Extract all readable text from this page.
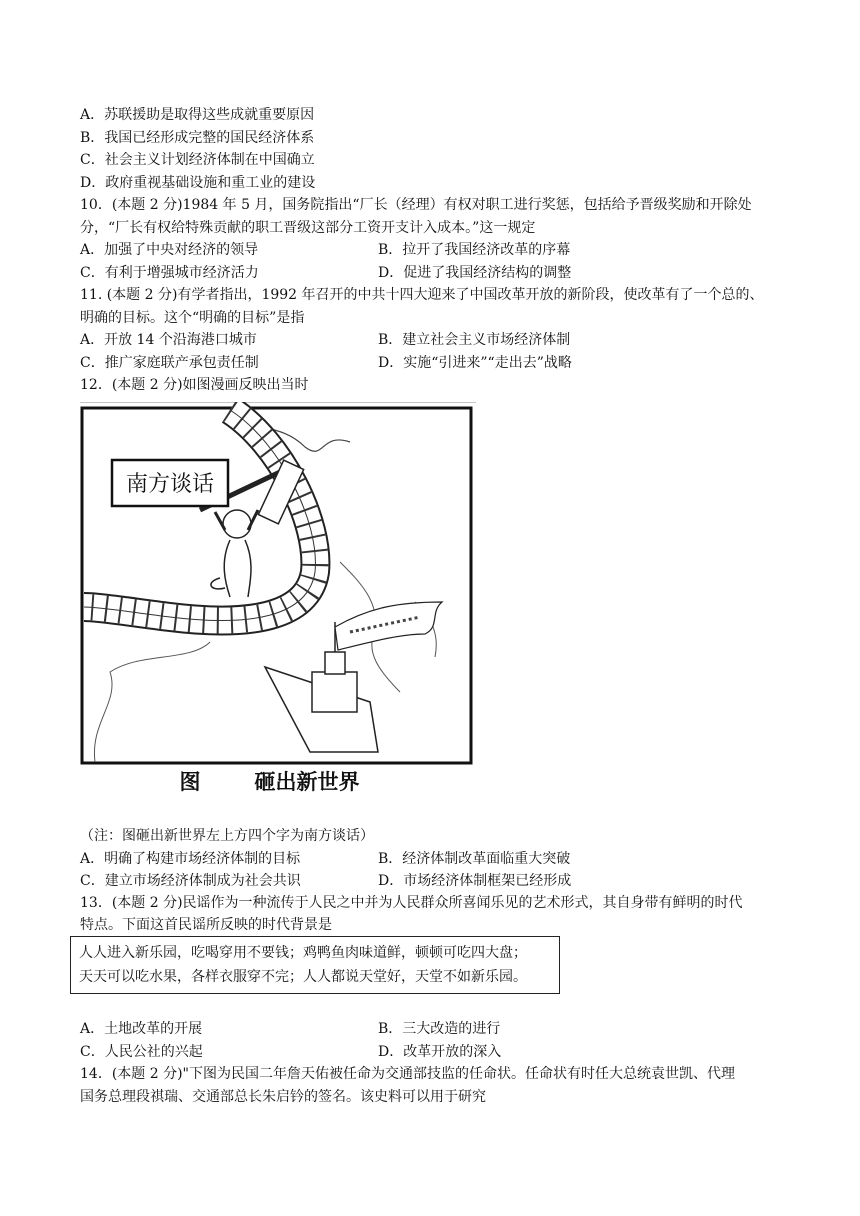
A．苏联援助是取得这些成就重要原因
B．我国已经形成完整的国民经济体系
C．社会主义计划经济体制在中国确立
D．政府重视基础设施和重工业的建设
10．(本题 2 分)1984 年 5 月，国务院指出“厂长（经理）有权对职工进行奖惩，包括给予晋级奖励和开除处
分，“厂长有权给特殊贡献的职工晋级这部分工资开支计入成本。”这一规定
A．加强了中央对经济的领导	B．拉开了我国经济改革的序幕
C．有利于增强城市经济活力	D．促进了我国经济结构的调整
11. (本题 2 分)有学者指出，1992 年召开的中共十四大迎来了中国改革开放的新阶段，使改革有了一个总的、
明确的目标。这个“明确的目标”是指
A．开放 14 个沿海港口城市	B．建立社会主义市场经济体制
C．推广家庭联产承包责任制	D．实施“引进来”“走出去”战略
12．(本题 2 分)如图漫画反映出当时
南方谈话
图	砸出新世界
（注：图砸出新世界左上方四个字为南方谈话）
A．明确了构建市场经济体制的目标	B．经济体制改革面临重大突破
C．建立市场经济体制成为社会共识	D．市场经济体制框架已经形成
13．(本题 2 分)民谣作为一种流传于人民之中并为人民群众所喜闻乐见的艺术形式，其自身带有鲜明的时代
特点。下面这首民谣所反映的时代背景是
人人进入新乐园，吃喝穿用不要钱；鸡鸭鱼肉味道鲜，顿顿可吃四大盘；
天天可以吃水果，各样衣服穿不完；人人都说天堂好，天堂不如新乐园。
A．土地改革的开展	B．三大改造的进行
C．人民公社的兴起	D．改革开放的深入
14．(本题 2 分)"下图为民国二年詹天佑被任命为交通部技监的任命状。任命状有时任大总统袁世凯、代理
国务总理段祺瑞、交通部总长朱启钤的签名。该史料可以用于研究
